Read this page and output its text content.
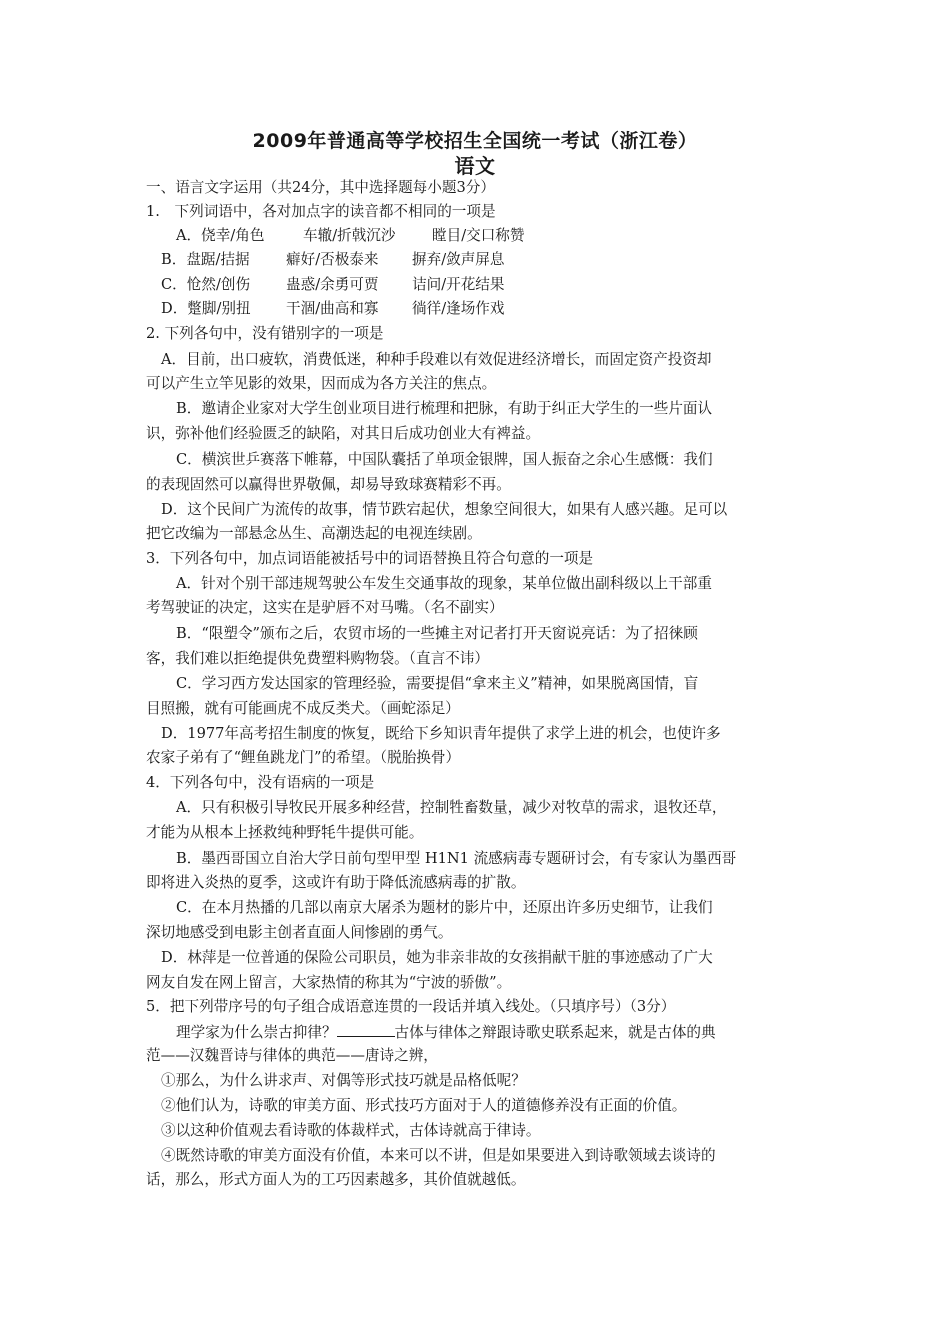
2009年普通高等学校招生全国统一考试（浙江卷）
语文
一、语言文字运用（共24分，其中选择题每小题3分）
1.　下列词语中，各对加点字的读音都不相同的一项是
A．侥幸/角色	车辙/折戟沉沙	瞠目/交口称赞
B．盘踞/拮据 癖好/否极泰来 摒弃/敛声屏息
C．怆然/创伤 蛊惑/余勇可贾 诘问/开花结果
D．蹩脚/别扭 干涸/曲高和寡 徜徉/逢场作戏
2. 下列各句中，没有错别字的一项是
A．目前，出口疲软，消费低迷，种种手段难以有效促进经济增长，而固定资产投资却
可以产生立竿见影的效果，因而成为各方关注的焦点。
B．邀请企业家对大学生创业项目进行梳理和把脉，有助于纠正大学生的一些片面认
识，弥补他们经验匮乏的缺陷，对其日后成功创业大有裨益。
C．横滨世乒赛落下帷幕，中国队囊括了单项金银牌，国人振奋之余心生感慨：我们
的表现固然可以赢得世界敬佩，却易导致球赛精彩不再。
D．这个民间广为流传的故事，情节跌宕起伏，想象空间很大，如果有人感兴趣。足可以
把它改编为一部悬念丛生、高潮迭起的电视连续剧。
3．下列各句中，加点词语能被括号中的词语替换且符合句意的一项是
A．针对个别干部违规驾驶公车发生交通事故的现象，某单位做出副科级以上干部重
考驾驶证的决定，这实在是驴唇不对马嘴。（名不副实）
B．“限塑令”颁布之后，农贸市场的一些摊主对记者打开天窗说亮话：为了招徕顾
客，我们难以拒绝提供免费塑料购物袋。（直言不讳）
C．学习西方发达国家的管理经验，需要提倡“拿来主义”精神，如果脱离国情，盲
目照搬，就有可能画虎不成反类犬。（画蛇添足）
D．1977年高考招生制度的恢复，既给下乡知识青年提供了求学上进的机会，也使许多
农家子弟有了“鲤鱼跳龙门”的希望。（脱胎换骨）
4．下列各句中，没有语病的一项是
A．只有积极引导牧民开展多种经营，控制牲畜数量，减少对牧草的需求，退牧还草，
才能为从根本上拯救纯种野牦牛提供可能。
B．墨西哥国立自治大学日前句型甲型 H1N1 流感病毒专题研讨会，有专家认为墨西哥
即将进入炎热的夏季，这或许有助于降低流感病毒的扩散。
C．在本月热播的几部以南京大屠杀为题材的影片中，还原出许多历史细节，让我们
深切地感受到电影主创者直面人间惨剧的勇气。
D．林萍是一位普通的保险公司职员，她为非亲非故的女孩捐献干脏的事迹感动了广大
网友自发在网上留言，大家热情的称其为“宁波的骄傲”。
5．把下列带序号的句子组合成语意连贯的一段话并填入线处。（只填序号）（3分）
理学家为什么崇古抑律？	古体与律体之辩跟诗歌史联系起来，就是古体的典
范——汉魏晋诗与律体的典范——唐诗之辨，
①那么，为什么讲求声、对偶等形式技巧就是品格低呢？
②他们认为，诗歌的审美方面、形式技巧方面对于人的道德修养没有正面的价值。
③以这种价值观去看诗歌的体裁样式，古体诗就高于律诗。
④既然诗歌的审美方面没有价值，本来可以不讲，但是如果要进入到诗歌领域去谈诗的
话，那么，形式方面人为的工巧因素越多，其价值就越低。
